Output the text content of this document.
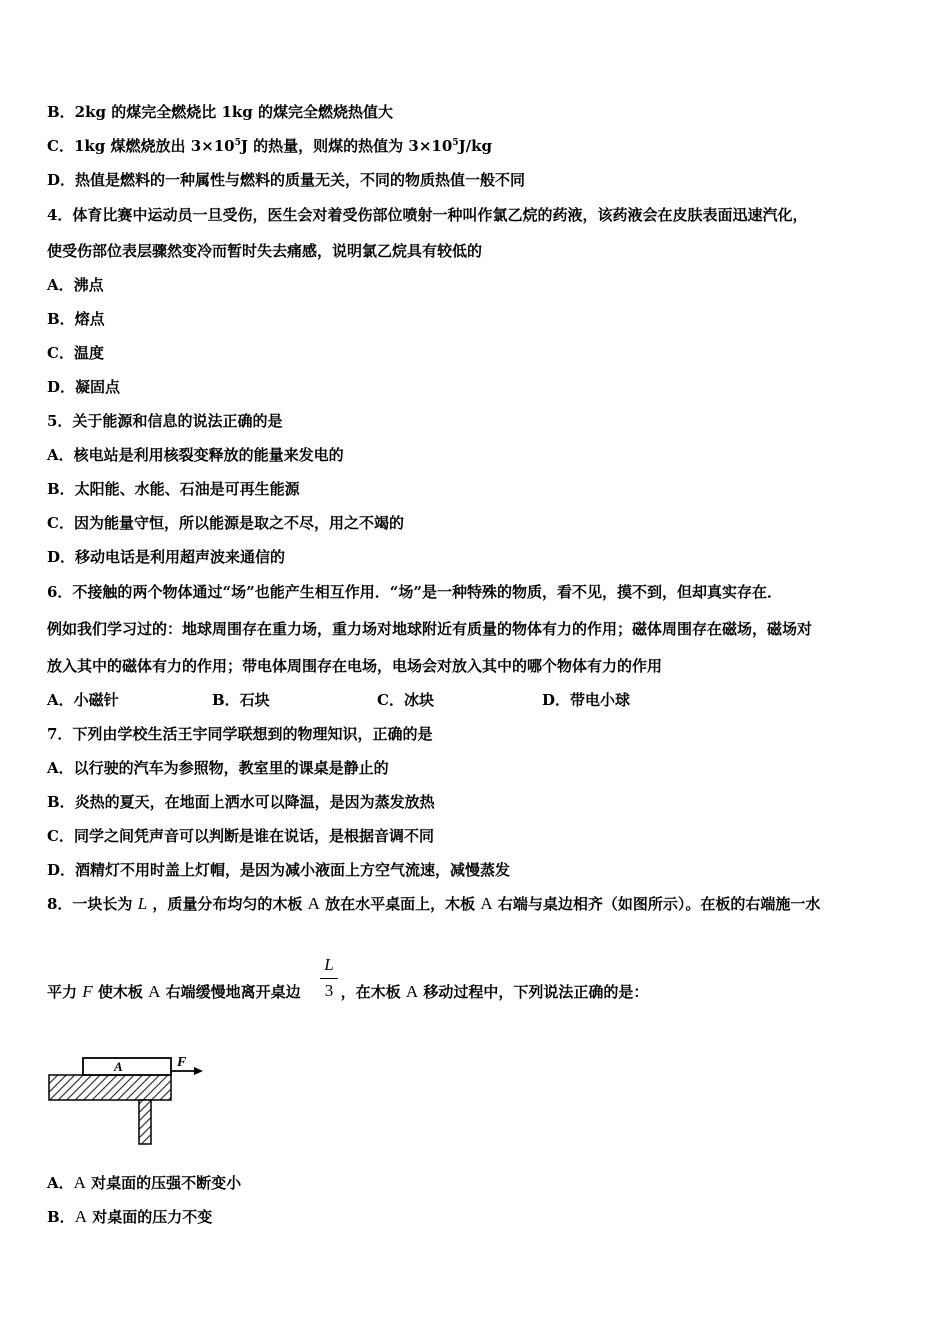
B．2kg 的煤完全燃烧比 1kg 的煤完全燃烧热值大
C．1kg 煤燃烧放出 $3\times 10^5J$ 的热量，则煤的热值为 $3\times 10^5J/kg$
D．热值是燃料的一种属性与燃料的质量无关，不同的物质热值一般不同
4．体育比赛中运动员一旦受伤，医生会对着受伤部位喷射一种叫作氯乙烷的药液，该药液会在皮肤表面迅速汽化，
使受伤部位表层骤然变冷而暂时失去痛感，说明氯乙烷具有较低的
A．沸点
B．熔点
C．温度
D．凝固点
5．关于能源和信息的说法正确的是
A．核电站是利用核裂变释放的能量来发电的
B．太阳能、水能、石油是可再生能源
C．因为能量守恒，所以能源是取之不尽，用之不竭的
D．移动电话是利用超声波来通信的
6．不接触的两个物体通过“场”也能产生相互作用．“场”是一种特殊的物质，看不见，摸不到，但却真实存在．
例如我们学习过的：地球周围存在重力场，重力场对地球附近有质量的物体有力的作用；磁体周围存在磁场，磁场对
放入其中的磁体有力的作用；带电体周围存在电场，电场会对放入其中的哪个物体有力的作用
A．小磁针	B．石块	C．冰块	D．带电小球
7．下列由学校生活王宇同学联想到的物理知识，正确的是
A．以行驶的汽车为参照物，教室里的课桌是静止的
B．炎热的夏天，在地面上洒水可以降温，是因为蒸发放热
C．同学之间凭声音可以判断是谁在说话，是根据音调不同
D．酒精灯不用时盖上灯帽，是因为减小液面上方空气流速，减慢蒸发
8．一块长为 L ，质量分布均匀的木板 A 放在水平桌面上，木板 A 右端与桌边相齐（如图所示）。在板的右端施一水
L
3
平力 F 使木板 A 右端缓慢地离开桌边	，在木板 A 移动过程中，下列说法正确的是：
A	F
A．A 对桌面的压强不断变小
B．A 对桌面的压力不变
